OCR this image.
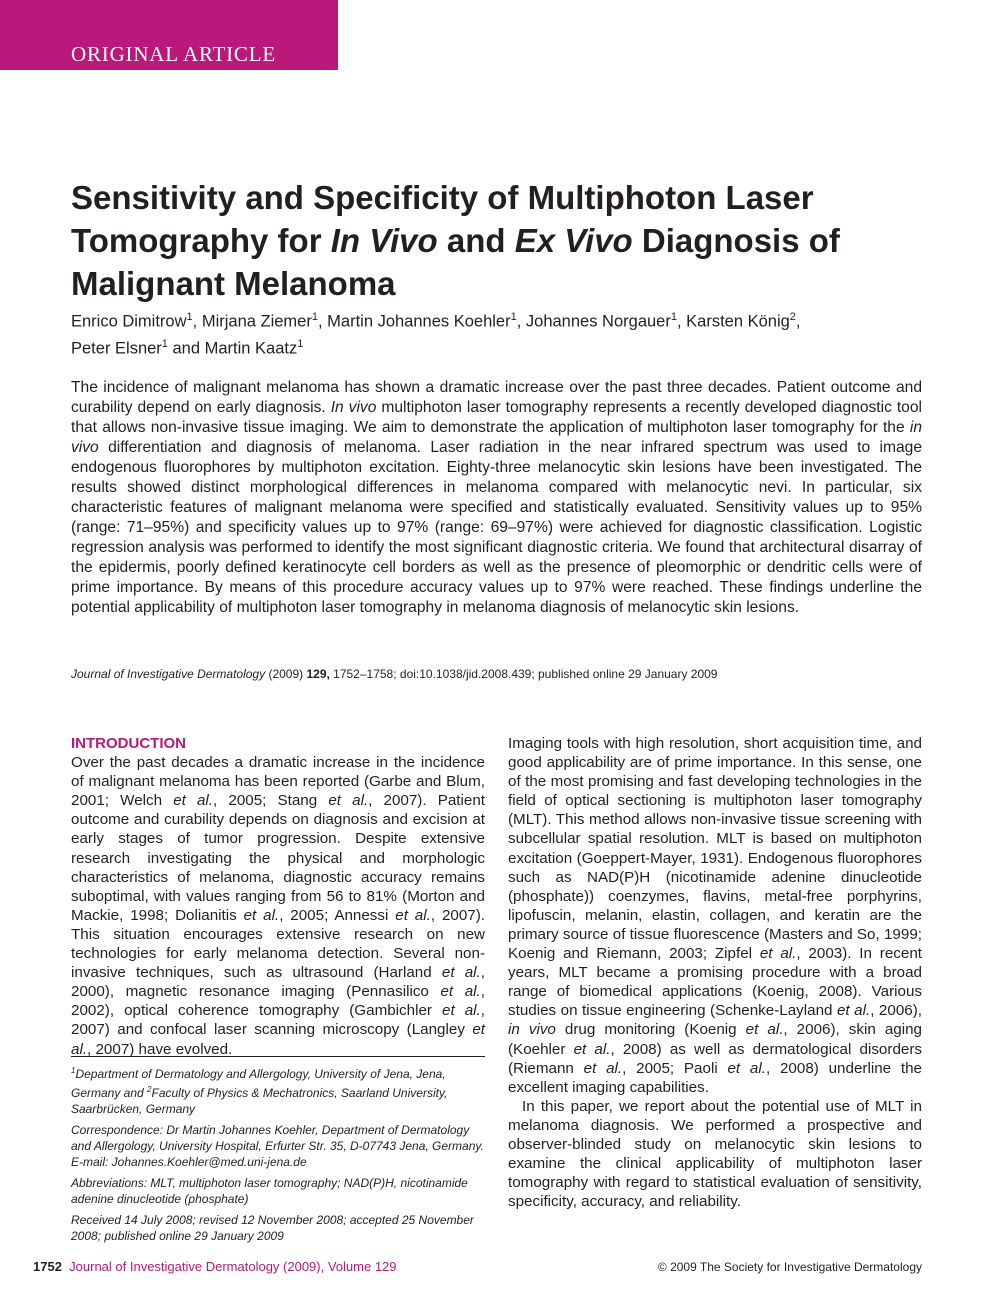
ORIGINAL ARTICLE
Sensitivity and Specificity of Multiphoton Laser Tomography for In Vivo and Ex Vivo Diagnosis of Malignant Melanoma
Enrico Dimitrow$^1$, Mirjana Ziemer$^1$, Martin Johannes Koehler$^1$, Johannes Norgauer$^1$, Karsten König$^2$,
Peter Elsner$^1$ and Martin Kaatz$^1$
The incidence of malignant melanoma has shown a dramatic increase over the past three decades. Patient outcome and curability depend on early diagnosis. In vivo multiphoton laser tomography represents a recently developed diagnostic tool that allows non-invasive tissue imaging. We aim to demonstrate the application of multiphoton laser tomography for the in vivo differentiation and diagnosis of melanoma. Laser radiation in the near infrared spectrum was used to image endogenous fluorophores by multiphoton excitation. Eighty-three melanocytic skin lesions have been investigated. The results showed distinct morphological differences in melanoma compared with melanocytic nevi. In particular, six characteristic features of malignant melanoma were specified and statistically evaluated. Sensitivity values up to 95% (range: 71–95%) and specificity values up to 97% (range: 69–97%) were achieved for diagnostic classification. Logistic regression analysis was performed to identify the most significant diagnostic criteria. We found that architectural disarray of the epidermis, poorly defined keratinocyte cell borders as well as the presence of pleomorphic or dendritic cells were of prime importance. By means of this procedure accuracy values up to 97% were reached. These findings underline the potential applicability of multiphoton laser tomography in melanoma diagnosis of melanocytic skin lesions.
Journal of Investigative Dermatology (2009) 129, 1752–1758; doi:10.1038/jid.2008.439; published online 29 January 2009
INTRODUCTION

Over the past decades a dramatic increase in the incidence of malignant melanoma has been reported (Garbe and Blum, 2001; Welch et al., 2005; Stang et al., 2007). Patient outcome and curability depends on diagnosis and excision at early stages of tumor progression. Despite extensive research investigating the physical and morphologic characteristics of melanoma, diagnostic accuracy remains suboptimal, with values ranging from 56 to 81% (Morton and Mackie, 1998; Dolianitis et al., 2005; Annessi et al., 2007). This situation encourages extensive research on new technologies for early melanoma detection. Several non-invasive techniques, such as ultrasound (Harland et al., 2000), magnetic resonance imaging (Pennasilico et al., 2002), optical coherence tomography (Gambichler et al., 2007) and confocal laser scanning microscopy (Langley et al., 2007) have evolved.

$^1$Department of Dermatology and Allergology, University of Jena, Jena, Germany and $^2$Faculty of Physics & Mechatronics, Saarland University, Saarbrücken, Germany

Correspondence: Dr Martin Johannes Koehler, Department of Dermatology and Allergology, University Hospital, Erfurter Str. 35, D-07743 Jena, Germany. E-mail: Johannes.Koehler@med.uni-jena.de

Abbreviations: MLT, multiphoton laser tomography; NAD(P)H, nicotinamide adenine dinucleotide (phosphate)

Received 14 July 2008; revised 12 November 2008; accepted 25 November 2008; published online 29 January 2009

Imaging tools with high resolution, short acquisition time, and good applicability are of prime importance. In this sense, one of the most promising and fast developing technologies in the field of optical sectioning is multiphoton laser tomography (MLT). This method allows non-invasive tissue screening with subcellular spatial resolution. MLT is based on multiphoton excitation (Goeppert-Mayer, 1931). Endogenous fluorophores such as NAD(P)H (nicotinamide adenine dinucleotide (phosphate)) coenzymes, flavins, metal-free porphyrins, lipofuscin, melanin, elastin, collagen, and keratin are the primary source of tissue fluorescence (Masters and So, 1999; Koenig and Riemann, 2003; Zipfel et al., 2003). In recent years, MLT became a promising procedure with a broad range of biomedical applications (Koenig, 2008). Various studies on tissue engineering (Schenke-Layland et al., 2006), in vivo drug monitoring (Koenig et al., 2006), skin aging (Koehler et al., 2008) as well as dermatological disorders (Riemann et al., 2005; Paoli et al., 2008) underline the excellent imaging capabilities.

In this paper, we report about the potential use of MLT in melanoma diagnosis. We performed a prospective and observer-blinded study on melanocytic skin lesions to examine the clinical applicability of multiphoton laser tomography with regard to statistical evaluation of sensitivity, specificity, accuracy, and reliability.

1752 Journal of Investigative Dermatology (2009), Volume 129	© 2009 The Society for Investigative Dermatology
